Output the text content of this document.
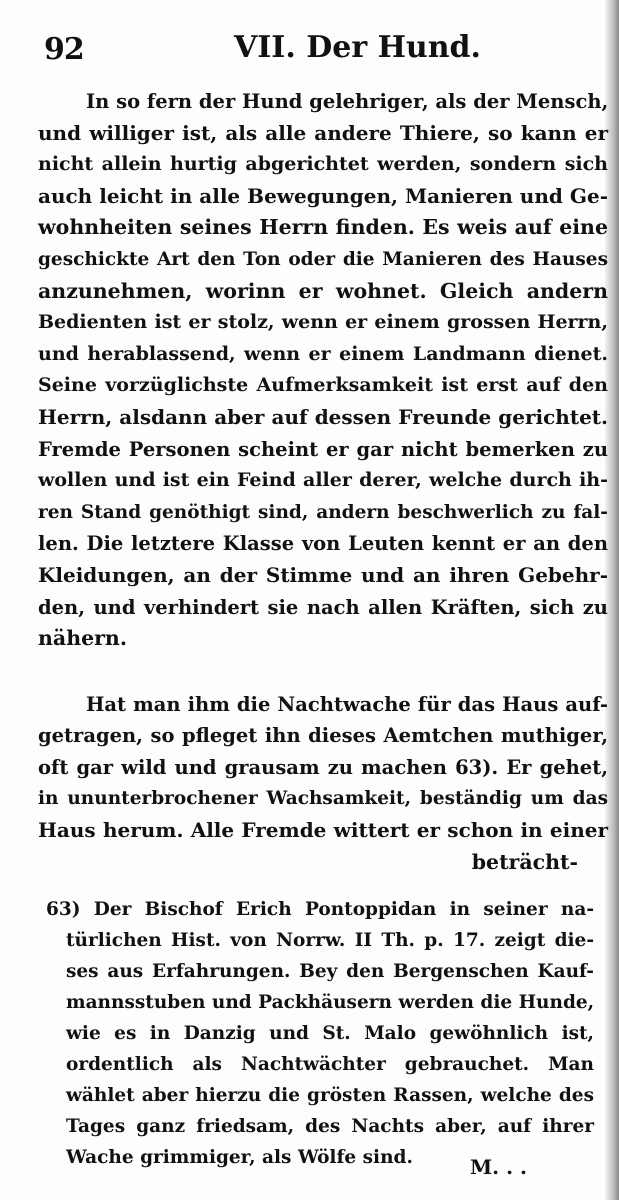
92	VII. Der Hund.

In so fern der Hund gelehriger, als der Mensch,
und williger ist, als alle andere Thiere, so kann er
nicht allein hurtig abgerichtet werden, sondern sich
auch leicht in alle Bewegungen, Manieren und Ge-
wohnheiten seines Herrn finden. Es weis auf eine
geschickte Art den Ton oder die Manieren des Hauses
anzunehmen, worinn er wohnet. Gleich andern
Bedienten ist er stolz, wenn er einem grossen Herrn,
und herablassend, wenn er einem Landmann dienet.
Seine vorzüglichste Aufmerksamkeit ist erst auf den
Herrn, alsdann aber auf dessen Freunde gerichtet.
Fremde Personen scheint er gar nicht bemerken zu
wollen und ist ein Feind aller derer, welche durch ih-
ren Stand genöthigt sind, andern beschwerlich zu fal-
len. Die letztere Klasse von Leuten kennt er an den
Kleidungen, an der Stimme und an ihren Gebehr-
den, und verhindert sie nach allen Kräften, sich zu
nähern.

Hat man ihm die Nachtwache für das Haus auf-
getragen, so pfleget ihn dieses Aemtchen muthiger,
oft gar wild und grausam zu machen 63). Er gehet,
in ununterbrochener Wachsamkeit, beständig um das
Haus herum. Alle Fremde wittert er schon in einer
beträcht-

63) Der Bischof Erich Pontoppidan in seiner na-
türlichen Hist. von Norrw. II Th. p. 17. zeigt die-
ses aus Erfahrungen. Bey den Bergenschen Kauf-
mannsstuben und Packhäusern werden die Hunde,
wie es in Danzig und St. Malo gewöhnlich ist,
ordentlich als Nachtwächter gebrauchet. Man
wählet aber hierzu die grösten Rassen, welche des
Tages ganz friedsam, des Nachts aber, auf ihrer
Wache grimmiger, als Wölfe sind.	M. . .
